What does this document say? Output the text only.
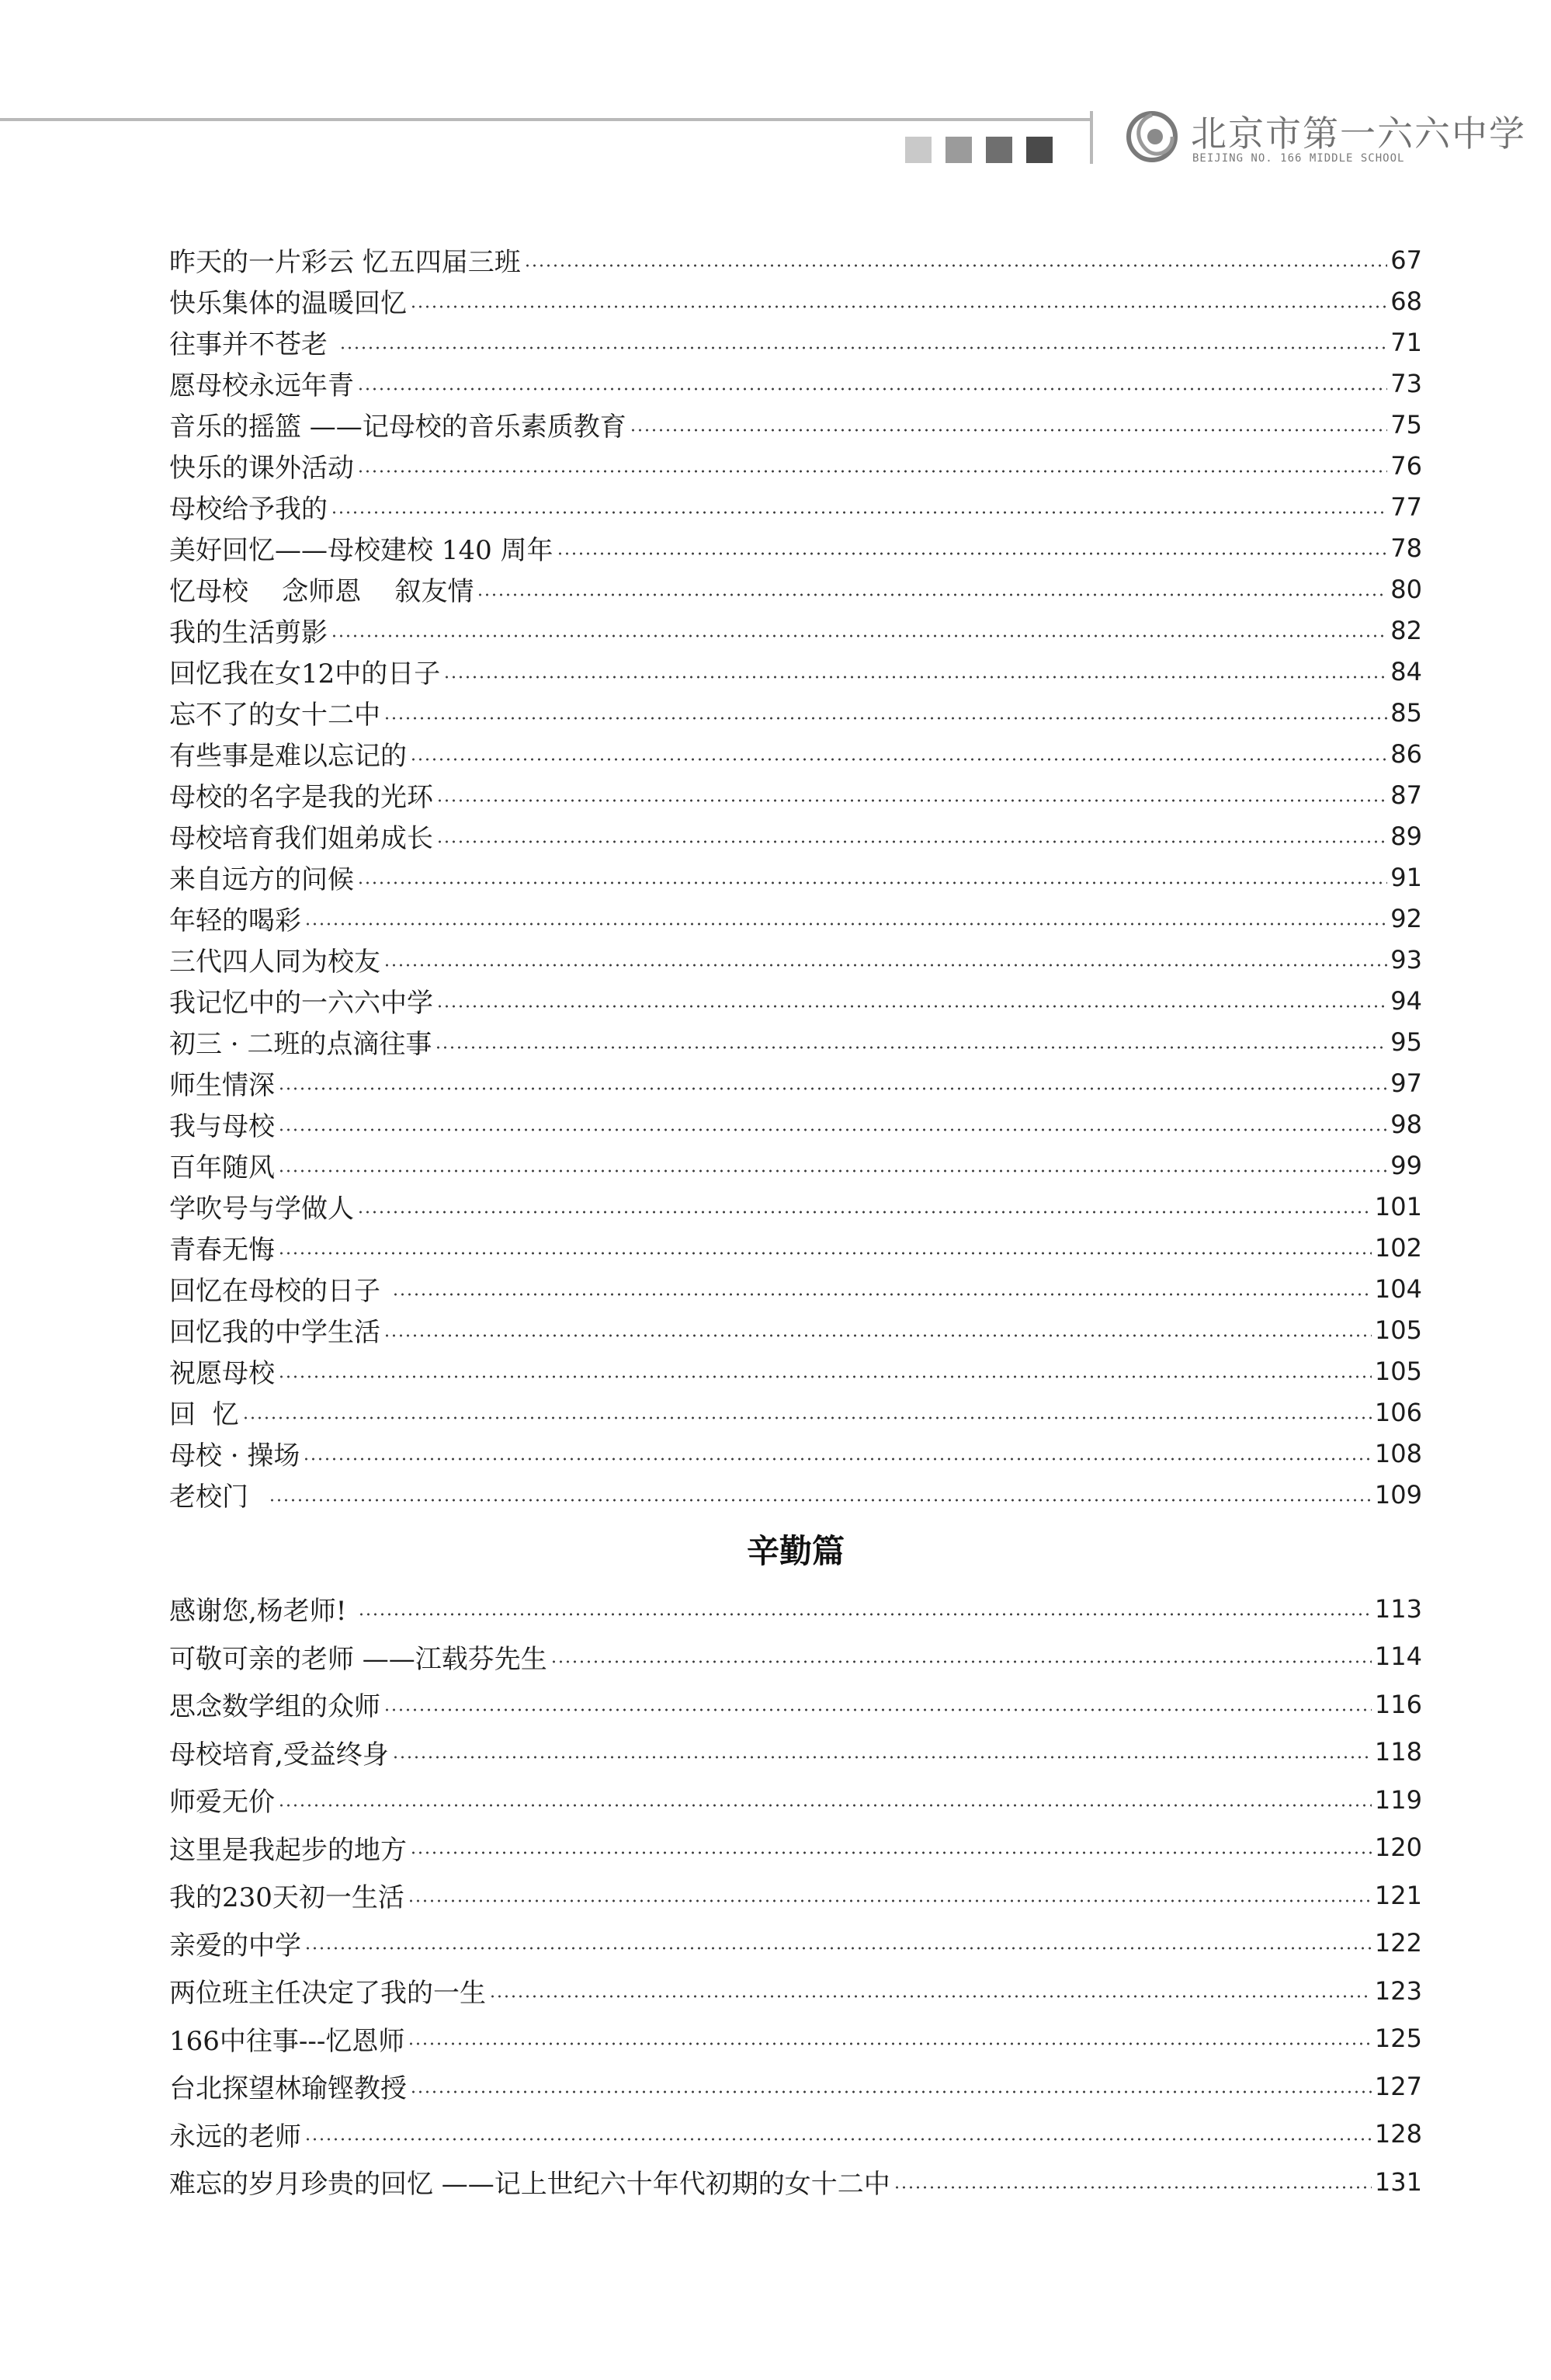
北京市第一六六中学
BEIJING NO. 166 MIDDLE SCHOOL
昨天的一片彩云 忆五四届三班	67
快乐集体的温暖回忆	68
往事并不苍老	71
愿母校永远年青	73
音乐的摇篮 ——记母校的音乐素质教育	75
快乐的课外活动	76
母校给予我的	77
美好回忆——母校建校 140 周年	78
忆母校    念师恩    叙友情	80
我的生活剪影	82
回忆我在女12中的日子	84
忘不了的女十二中	85
有些事是难以忘记的	86
母校的名字是我的光环	87
母校培育我们姐弟成长	89
来自远方的问候	91
年轻的喝彩	92
三代四人同为校友	93
我记忆中的一六六中学	94
初三 · 二班的点滴往事	95
师生情深	97
我与母校	98
百年随风	99
学吹号与学做人	101
青春无悔	102
回忆在母校的日子	104
回忆我的中学生活	105
祝愿母校	105
回  忆	106
母校 · 操场	108
老校门	109
辛勤篇
感谢您,杨老师!	113
可敬可亲的老师 ——江载芬先生	114
思念数学组的众师	116
母校培育,受益终身	118
师爱无价	119
这里是我起步的地方	120
我的230天初一生活	121
亲爱的中学	122
两位班主任决定了我的一生	123
166中往事---忆恩师	125
台北探望林瑜铿教授	127
永远的老师	128
难忘的岁月珍贵的回忆 ——记上世纪六十年代初期的女十二中	131
